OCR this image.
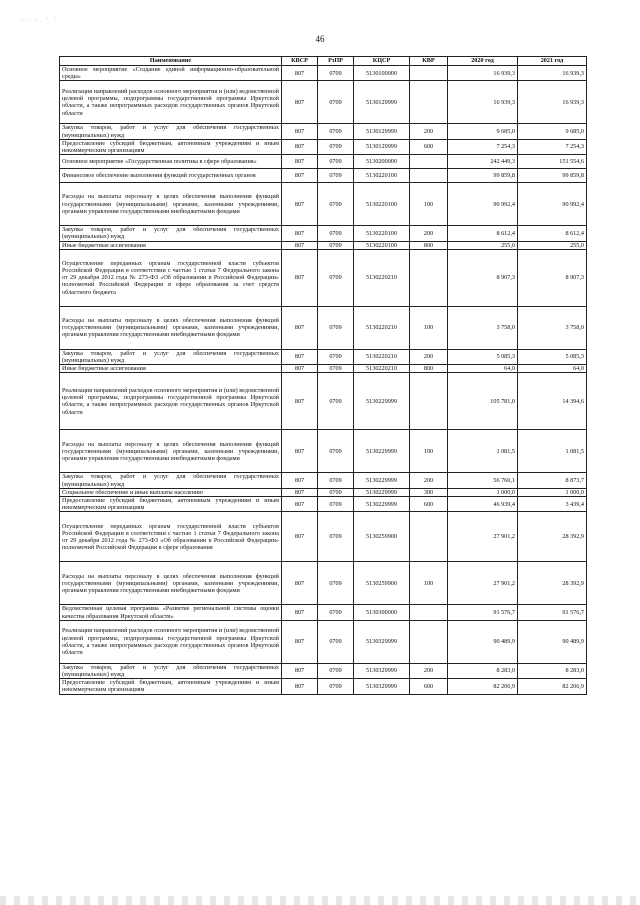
. . .  · ·
46
Наименование	КВСР	РзПР	КЦСР	КВР	2020 год	2021 год
Основное мероприятие «Создание единой информационно-образовательной среды»	807	0709	5130100000		16 939,3	16 939,3
Реализация направлений расходов основного мероприятия и (или) ведомственной целевой программы, подпрограммы государственной программы Иркутской области, а также непрограммных расходов государственных органов Иркутской области	807	0709	5130129999		16 939,3	16 939,3
Закупка товаров, работ и услуг для обеспечения государственных (муниципальных) нужд	807	0709	5130129999	200	9 685,0	9 685,0
Предоставление субсидий бюджетным, автономным учреждениям и иным некоммерческим организациям	807	0709	5130129999	600	7 254,3	7 254,3
Основное мероприятие «Государственная политика в сфере образования»	807	0709	5130200000		242 449,3	151 554,6
Финансовое обеспечение выполнения функций государственных органов	807	0709	5130220100		99 859,8	99 859,8
Расходы на выплаты персоналу в целях обеспечения выполнения функций государственными (муниципальными) органами, казенными учреждениями, органами управления государственными внебюджетными фондами	807	0709	5130220100	100	90 992,4	90 992,4
Закупка товаров, работ и услуг для обеспечения государственных (муниципальных) нужд	807	0709	5130220100	200	8 612,4	8 612,4
Иные бюджетные ассигнования	807	0709	5130220100	800	255,0	255,0
Осуществление переданных органам государственной власти субъектов Российской Федерации в соответствии с частью 1 статьи 7 Федерального закона от 29 декабря 2012 года № 273-ФЗ «Об образовании в Российской Федерации» полномочий Российской Федерации в сфере образования за счет средств областного бюджета	807	0709	5130220210		8 907,3	8 907,3
Расходы на выплаты персоналу в целях обеспечения выполнения функций государственными (муниципальными) органами, казенными учреждениями, органами управления государственными внебюджетными фондами	807	0709	5130220210	100	3 758,0	3 758,0
Закупка товаров, работ и услуг для обеспечения государственных (муниципальных) нужд	807	0709	5130220210	200	5 085,3	5 085,3
Иные бюджетные ассигнования	807	0709	5130220210	800	64,0	64,0
Реализация направлений расходов основного мероприятия и (или) ведомственной целевой программы, подпрограммы государственной программы Иркутской области, а также непрограммных расходов государственных органов Иркутской области	807	0709	5130229999		105 781,0	14 394,6
Расходы на выплаты персоналу в целях обеспечения выполнения функций государственными (муниципальными) органами, казенными учреждениями, органами управления государственными внебюджетными фондами	807	0709	5130229999	100	1 081,5	1 081,5
Закупка товаров, работ и услуг для обеспечения государственных (муниципальных) нужд	807	0709	5130229999	200	56 760,1	8 873,7
Социальное обеспечение и иные выплаты населению	807	0709	5130229999	300	1 000,0	1 000,0
Предоставление субсидий бюджетным, автономным учреждениям и иным некоммерческим организациям	807	0709	5130229999	600	46 939,4	3 439,4
Осуществление переданных органам государственной власти субъектов Российской Федерации в соответствии с частью 1 статьи 7 Федерального закона от 29 декабря 2012 года № 273-ФЗ «Об образовании в Российской Федерации» полномочий Российской Федерации в сфере образования	807	0709	5130259900		27 901,2	28 392,9
Расходы на выплаты персоналу в целях обеспечения выполнения функций государственными (муниципальными) органами, казенными учреждениями, органами управления государственными внебюджетными фондами	807	0709	5130259900	100	27 901,2	28 392,9
Ведомственная целевая программа «Развитие региональной системы оценки качества образования Иркутской области»	807	0709	5130300000		91 576,7	91 576,7
Реализация направлений расходов основного мероприятия и (или) ведомственной целевой программы, подпрограммы государственной программы Иркутской области, а также непрограммных расходов государственных органов Иркутской области	807	0709	5130329999		90 489,9	90 489,9
Закупка товаров, работ и услуг для обеспечения государственных (муниципальных) нужд	807	0709	5130329999	200	8 283,0	8 283,0
Предоставление субсидий бюджетным, автономным учреждениям и иным некоммерческим организациям	807	0709	5130329999	600	82 206,9	82 206,9
